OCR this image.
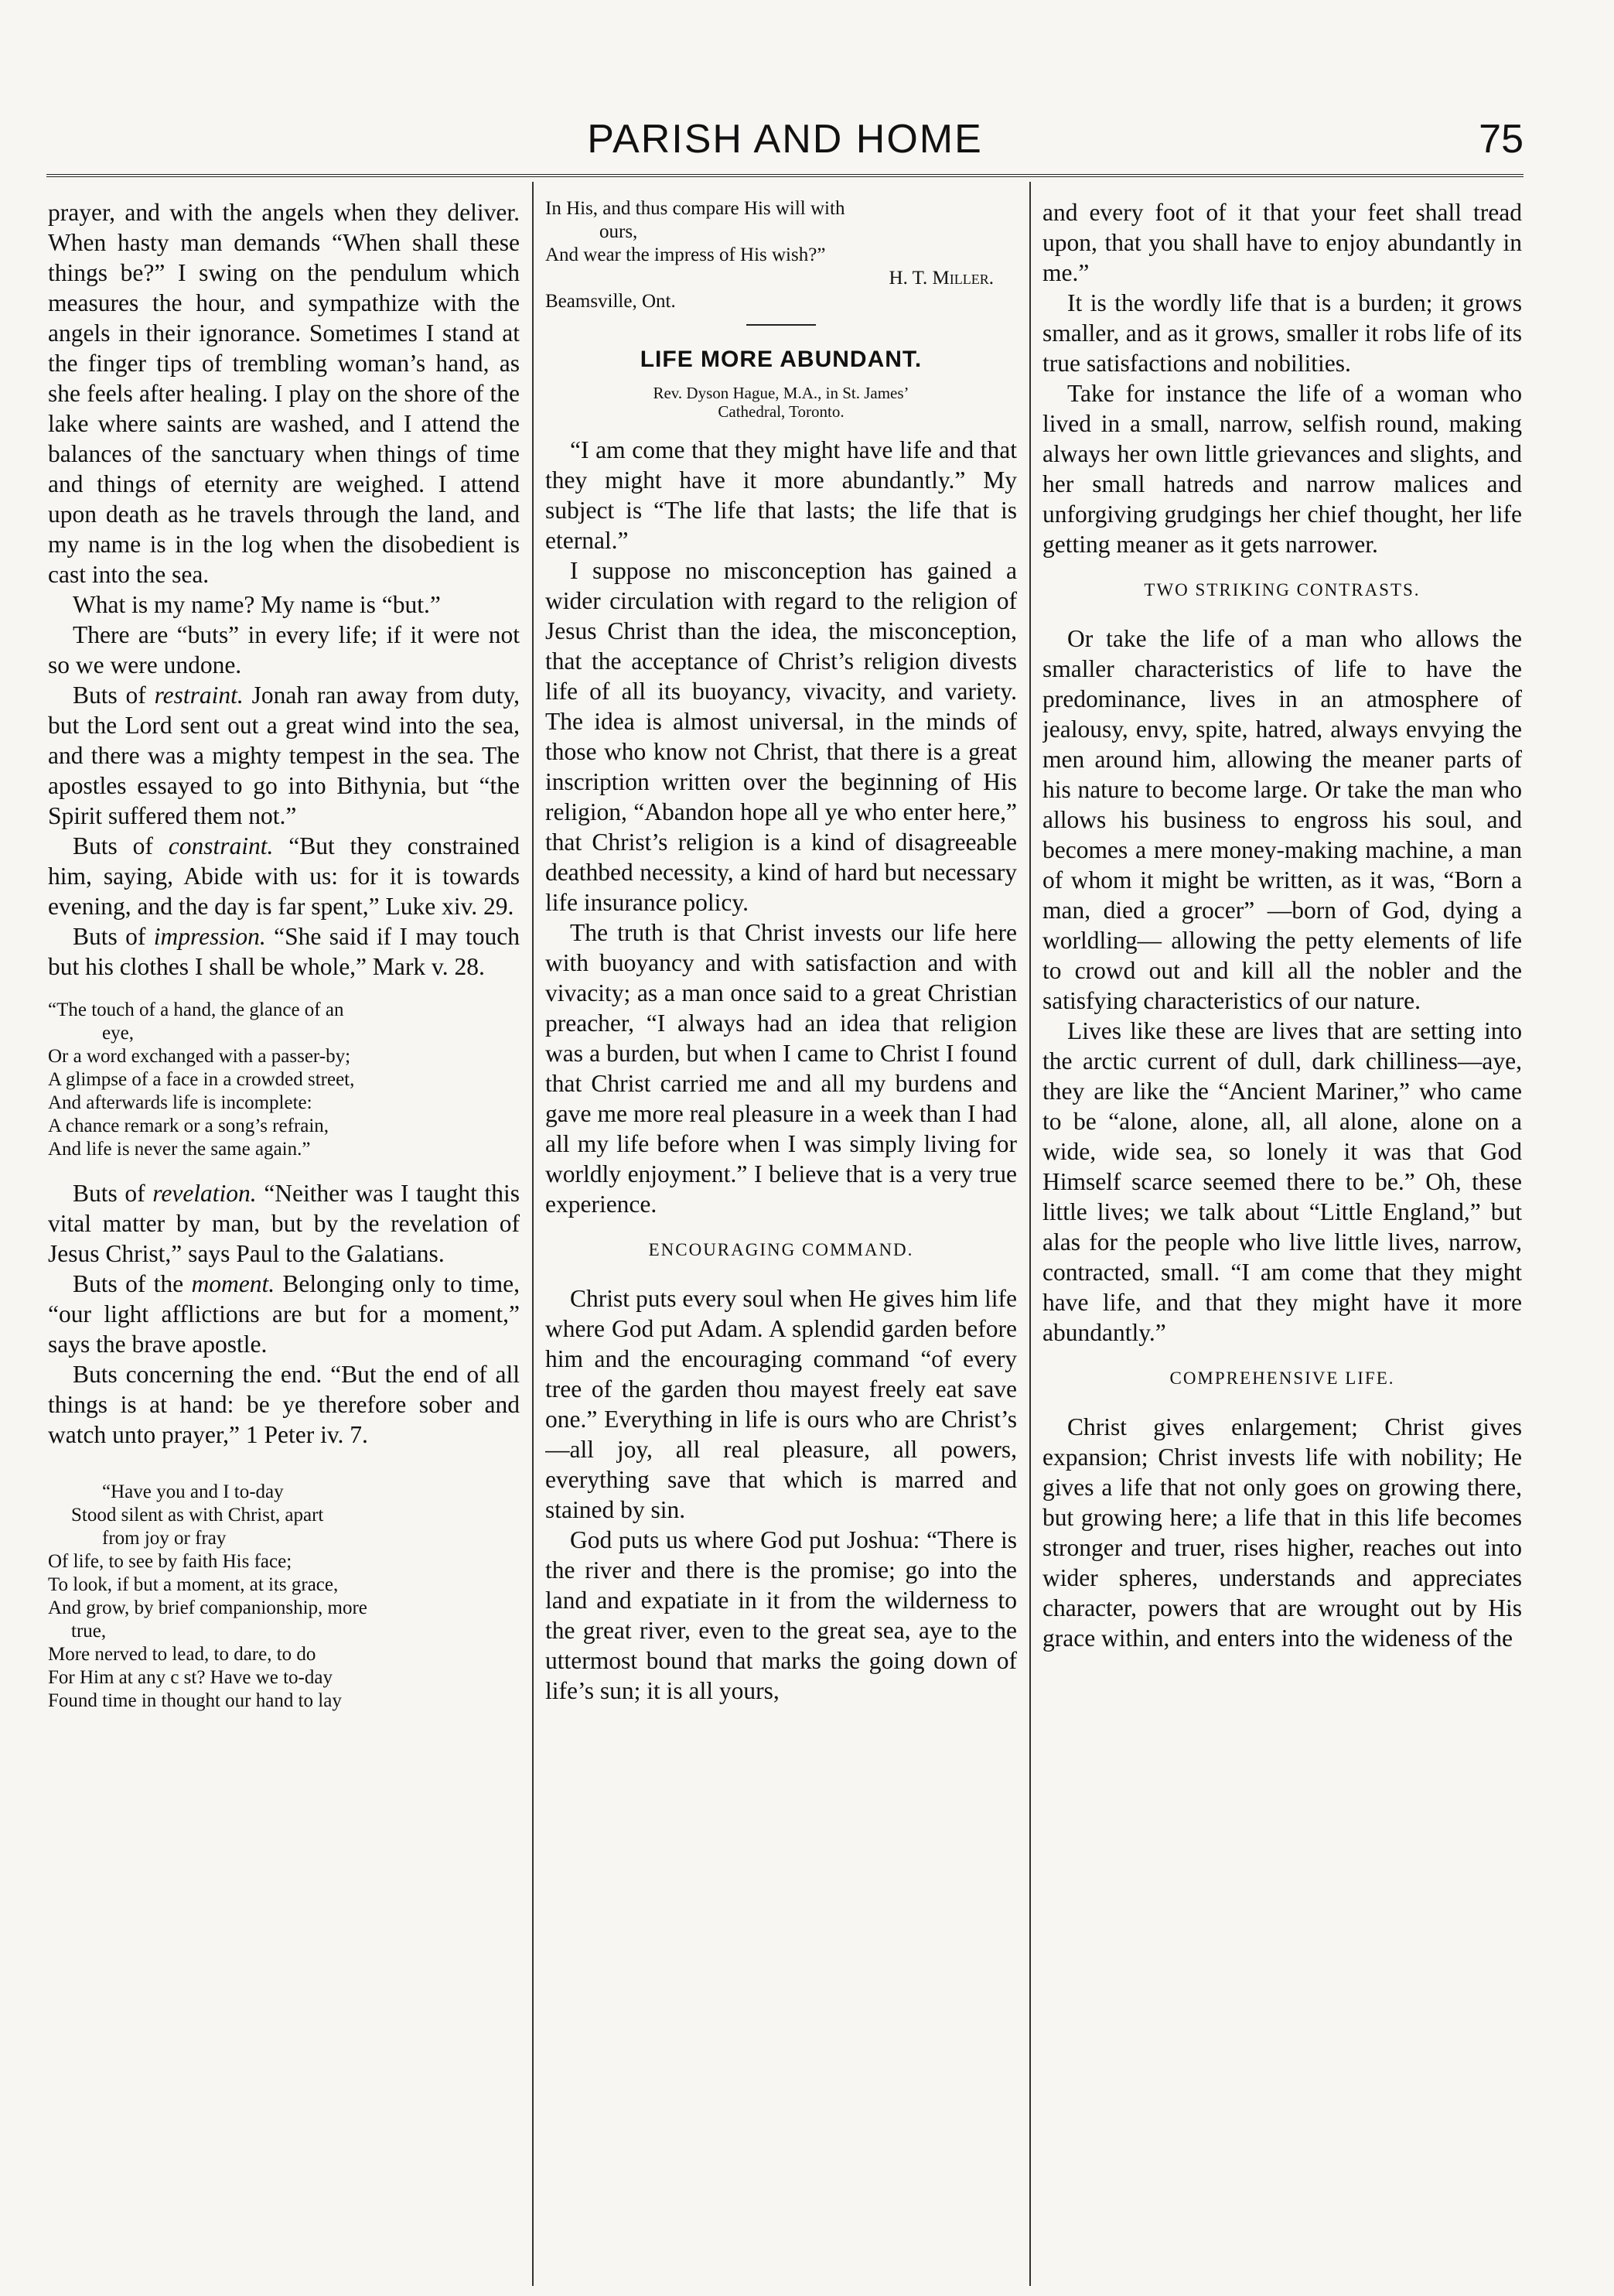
PARISH AND HOME	75

prayer, and with the angels when they deliver. When hasty man demands “When shall these things be?” I swing on the pendulum which measures the hour, and sympathize with the angels in their ignorance. Sometimes I stand at the finger tips of trembling woman’s hand, as she feels after healing. I play on the shore of the lake where saints are washed, and I attend the balances of the sanctuary when things of time and things of eternity are weighed. I attend upon death as he travels through the land, and my name is in the log when the disobedient is cast into the sea.

What is my name? My name is “but.”

There are “buts” in every life; if it were not so we were undone.

Buts of restraint. Jonah ran away from duty, but the Lord sent out a great wind into the sea, and there was a mighty tempest in the sea. The apostles essayed to go into Bithynia, but “the Spirit suffered them not.”

Buts of constraint. “But they constrained him, saying, Abide with us: for it is towards evening, and the day is far spent,” Luke xiv. 29.

Buts of impression. “She said if I may touch but his clothes I shall be whole,” Mark v. 28.

“The touch of a hand, the glance of an
eye,
Or a word exchanged with a passer-by;
A glimpse of a face in a crowded street,
And afterwards life is incomplete:
A chance remark or a song’s refrain,
And life is never the same again.”

Buts of revelation. “Neither was I taught this vital matter by man, but by the revelation of Jesus Christ,” says Paul to the Galatians.

Buts of the moment. Belonging only to time, “our light afflictions are but for a moment,” says the brave apostle.

Buts concerning the end. “But the end of all things is at hand: be ye therefore sober and watch unto prayer,” 1 Peter iv. 7.

“Have you and I to-day
Stood silent as with Christ, apart
from joy or fray
Of life, to see by faith His face;
To look, if but a moment, at its grace,
And grow, by brief companionship, more
true,
More nerved to lead, to dare, to do
For Him at any c st? Have we to-day
Found time in thought our hand to lay
In His, and thus compare His will with
ours,
And wear the impress of His wish?”
H. T. Miller.
Beamsville, Ont.
LIFE MORE ABUNDANT.
Rev. Dyson Hague, M.A., in St. James’
Cathedral, Toronto.

“I am come that they might have life and that they might have it more abundantly.” My subject is “The life that lasts; the life that is eternal.”

I suppose no misconception has gained a wider circulation with regard to the religion of Jesus Christ than the idea, the misconception, that the acceptance of Christ’s religion divests life of all its buoyancy, vivacity, and variety. The idea is almost universal, in the minds of those who know not Christ, that there is a great inscription written over the beginning of His religion, “Abandon hope all ye who enter here,” that Christ’s religion is a kind of disagreeable deathbed necessity, a kind of hard but necessary life insurance policy.

The truth is that Christ invests our life here with buoyancy and with satisfaction and with vivacity; as a man once said to a great Christian preacher, “I always had an idea that religion was a burden, but when I came to Christ I found that Christ carried me and all my burdens and gave me more real pleasure in a week than I had all my life before when I was simply living for worldly enjoyment.” I believe that is a very true experience.

ENCOURAGING COMMAND.

Christ puts every soul when He gives him life where God put Adam. A splendid garden before him and the encouraging command “of every tree of the garden thou mayest freely eat save one.” Everything in life is ours who are Christ’s—all joy, all real pleasure, all powers, everything save that which is marred and stained by sin.

God puts us where God put Joshua: “There is the river and there is the promise; go into the land and expatiate in it from the wilderness to the great river, even to the great sea, aye to the uttermost bound that marks the going down of life’s sun; it is all yours,

and every foot of it that your feet shall tread upon, that you shall have to enjoy abundantly in me.”

It is the wordly life that is a burden; it grows smaller, and as it grows, smaller it robs life of its true satisfactions and nobilities.

Take for instance the life of a woman who lived in a small, narrow, selfish round, making always her own little grievances and slights, and her small hatreds and narrow malices and unforgiving grudgings her chief thought, her life getting meaner as it gets narrower.

TWO STRIKING CONTRASTS.

Or take the life of a man who allows the smaller characteristics of life to have the predominance, lives in an atmosphere of jealousy, envy, spite, hatred, always envying the men around him, allowing the meaner parts of his nature to become large. Or take the man who allows his business to engross his soul, and becomes a mere money-making machine, a man of whom it might be written, as it was, “Born a man, died a grocer” —born of God, dying a worldling— allowing the petty elements of life to crowd out and kill all the nobler and the satisfying characteristics of our nature.

Lives like these are lives that are setting into the arctic current of dull, dark chilliness—aye, they are like the “Ancient Mariner,” who came to be “alone, alone, all, all alone, alone on a wide, wide sea, so lonely it was that God Himself scarce seemed there to be.” Oh, these little lives; we talk about “Little England,” but alas for the people who live little lives, narrow, contracted, small. “I am come that they might have life, and that they might have it more abundantly.”

COMPREHENSIVE LIFE.

Christ gives enlargement; Christ gives expansion; Christ invests life with nobility; He gives a life that not only goes on growing there, but growing here; a life that in this life becomes stronger and truer, rises higher, reaches out into wider spheres, understands and appreciates character, powers that are wrought out by His grace within, and enters into the wideness of the
